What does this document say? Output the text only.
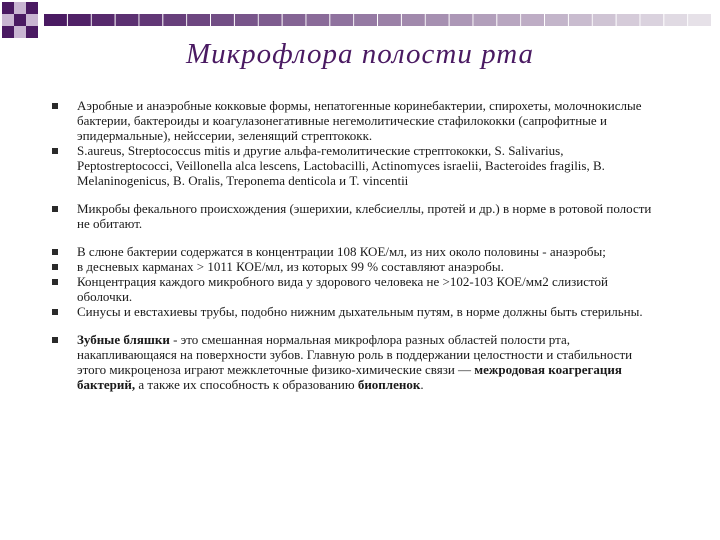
Микрофлора полости рта
Аэробные и анаэробные кокковые формы, непатогенные коринебактерии, спирохеты, молочнокислые бактерии, бактероиды и коагулазонегативные негемолитические стафилококки (сапрофитные и эпидермальные), нейссерии, зеленящий стрептококк.
S.aureus, Streptococcus mitis и другие альфа-гемолитические стрептококки, S. Salivarius, Peptostreptococci, Veillonella alca lescens, Lactobacilli, Actinomyces israelii, Bacteroides fragilis, B. Melaninogenicus, B. Oralis, Treponema denticola и T. vincentii
Микробы фекального происхождения (эшерихии, клебсиеллы, протей и др.) в норме в ротовой полости не обитают.
В слюне бактерии содержатся в концентрации 108 КОЕ/мл, из них около половины - анаэробы;
в десневых карманах > 1011 КОЕ/мл, из которых 99 % составляют анаэробы.
Концентрация каждого микробного вида у здорового человека не >102-103 КОЕ/мм2 слизистой оболочки.
Синусы и евстахиевы трубы, подобно нижним дыхательным путям, в норме должны быть стерильны.
Зубные бляшки - это смешанная нормальная микрофлора разных областей полости рта, накапливающаяся на поверхности зубов. Главную роль в поддержании целостности и стабильности этого микроценоза играют межклеточные физико-химические связи — межродовая коагрегация бактерий, а также их способность к образованию биопленок.
